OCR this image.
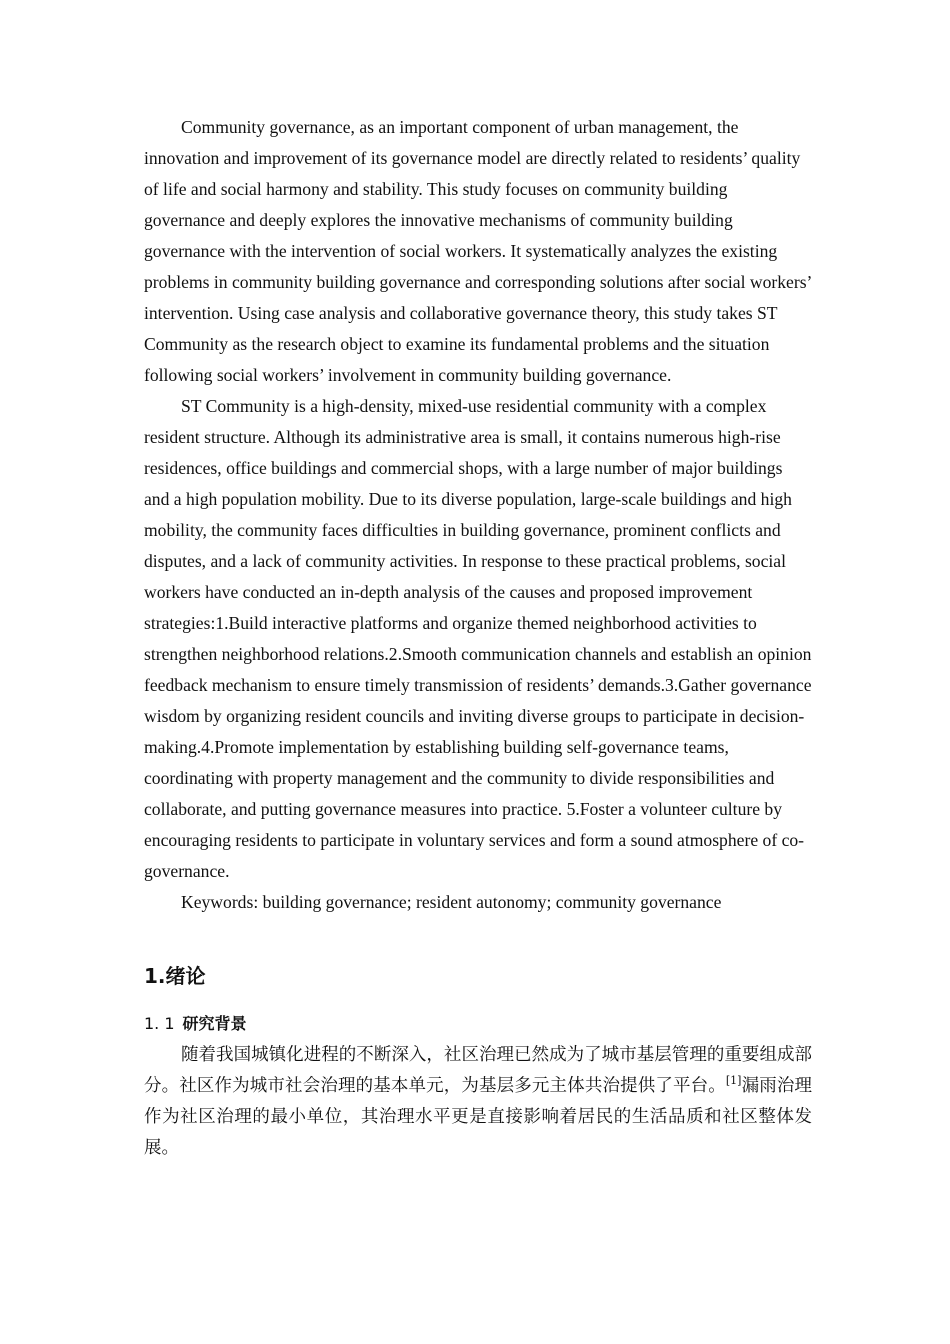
Community governance, as an important component of urban management, the innovation and improvement of its governance model are directly related to residents’ quality of life and social harmony and stability. This study focuses on community building governance and deeply explores the innovative mechanisms of community building governance with the intervention of social workers. It systematically analyzes the existing problems in community building governance and corresponding solutions after social workers’ intervention. Using case analysis and collaborative governance theory, this study takes ST Community as the research object to examine its fundamental problems and the situation following social workers’ involvement in community building governance.

ST Community is a high-density, mixed-use residential community with a complex resident structure. Although its administrative area is small, it contains numerous high-rise residences, office buildings and commercial shops, with a large number of major buildings and a high population mobility. Due to its diverse population, large-scale buildings and high mobility, the community faces difficulties in building governance, prominent conflicts and disputes, and a lack of community activities. In response to these practical problems, social workers have conducted an in-depth analysis of the causes and proposed improvement strategies:1.Build interactive platforms and organize themed neighborhood activities to strengthen neighborhood relations.2.Smooth communication channels and establish an opinion feedback mechanism to ensure timely transmission of residents’ demands.3.Gather governance wisdom by organizing resident councils and inviting diverse groups to participate in decision-making.4.Promote implementation by establishing building self-governance teams, coordinating with property management and the community to divide responsibilities and collaborate, and putting governance measures into practice. 5.Foster a volunteer culture by encouraging residents to participate in voluntary services and form a sound atmosphere of co-governance.

Keywords: building governance; resident autonomy; community governance

1.绪论
1. 1 研究背景

随着我国城镇化进程的不断深入，社区治理已然成为了城市基层管理的重要组成部分。社区作为城市社会治理的基本单元，为基层多元主体共治提供了平台。[1]漏雨治理作为社区治理的最小单位，其治理水平更是直接影响着居民的生活品质和社区整体发展。
